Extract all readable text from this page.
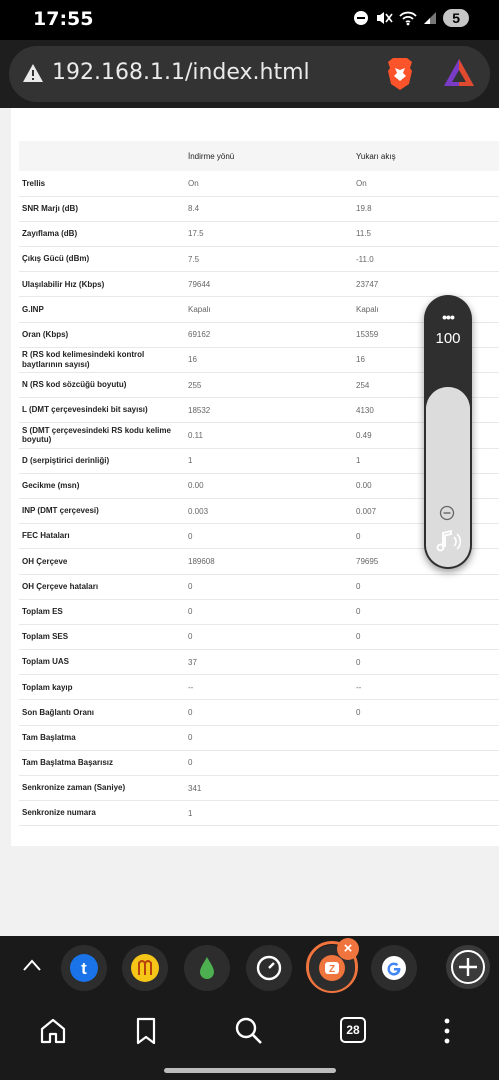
17:55	5
192.168.1.1/index.html
	İndirme yönü	Yukarı akış
Trellis	On	On
SNR Marjı (dB)	8.4	19.8
Zayıflama (dB)	17.5	11.5
Çıkış Gücü (dBm)	7.5	-11.0
Ulaşılabilir Hız (Kbps)	79644	23747
G.INP	Kapalı	Kapalı
Oran (Kbps)	69162	15359
R (RS kod kelimesindeki kontrol baytlarının sayısı)	16	16
N (RS kod sözcüğü boyutu)	255	254
L (DMT çerçevesindeki bit sayısı)	18532	4130
S (DMT çerçevesindeki RS kodu kelime boyutu)	0.11	0.49
D (serpiştirici derinliği)	1	1
Gecikme (msn)	0.00	0.00
INP (DMT çerçevesi)	0.003	0.007
FEC Hataları	0	0
OH Çerçeve	189608	79695
OH Çerçeve hataları	0	0
Toplam ES	0	0
Toplam SES	0	0
Toplam UAS	37	0
Toplam kayıp	--	--
Son Bağlantı Oranı	0	0
Tam Başlatma	0	
Tam Başlatma Başarısız	0	
Senkronize zaman (Saniye)	341	
Senkronize numara	1	
•••
100
t	Z
×
28
